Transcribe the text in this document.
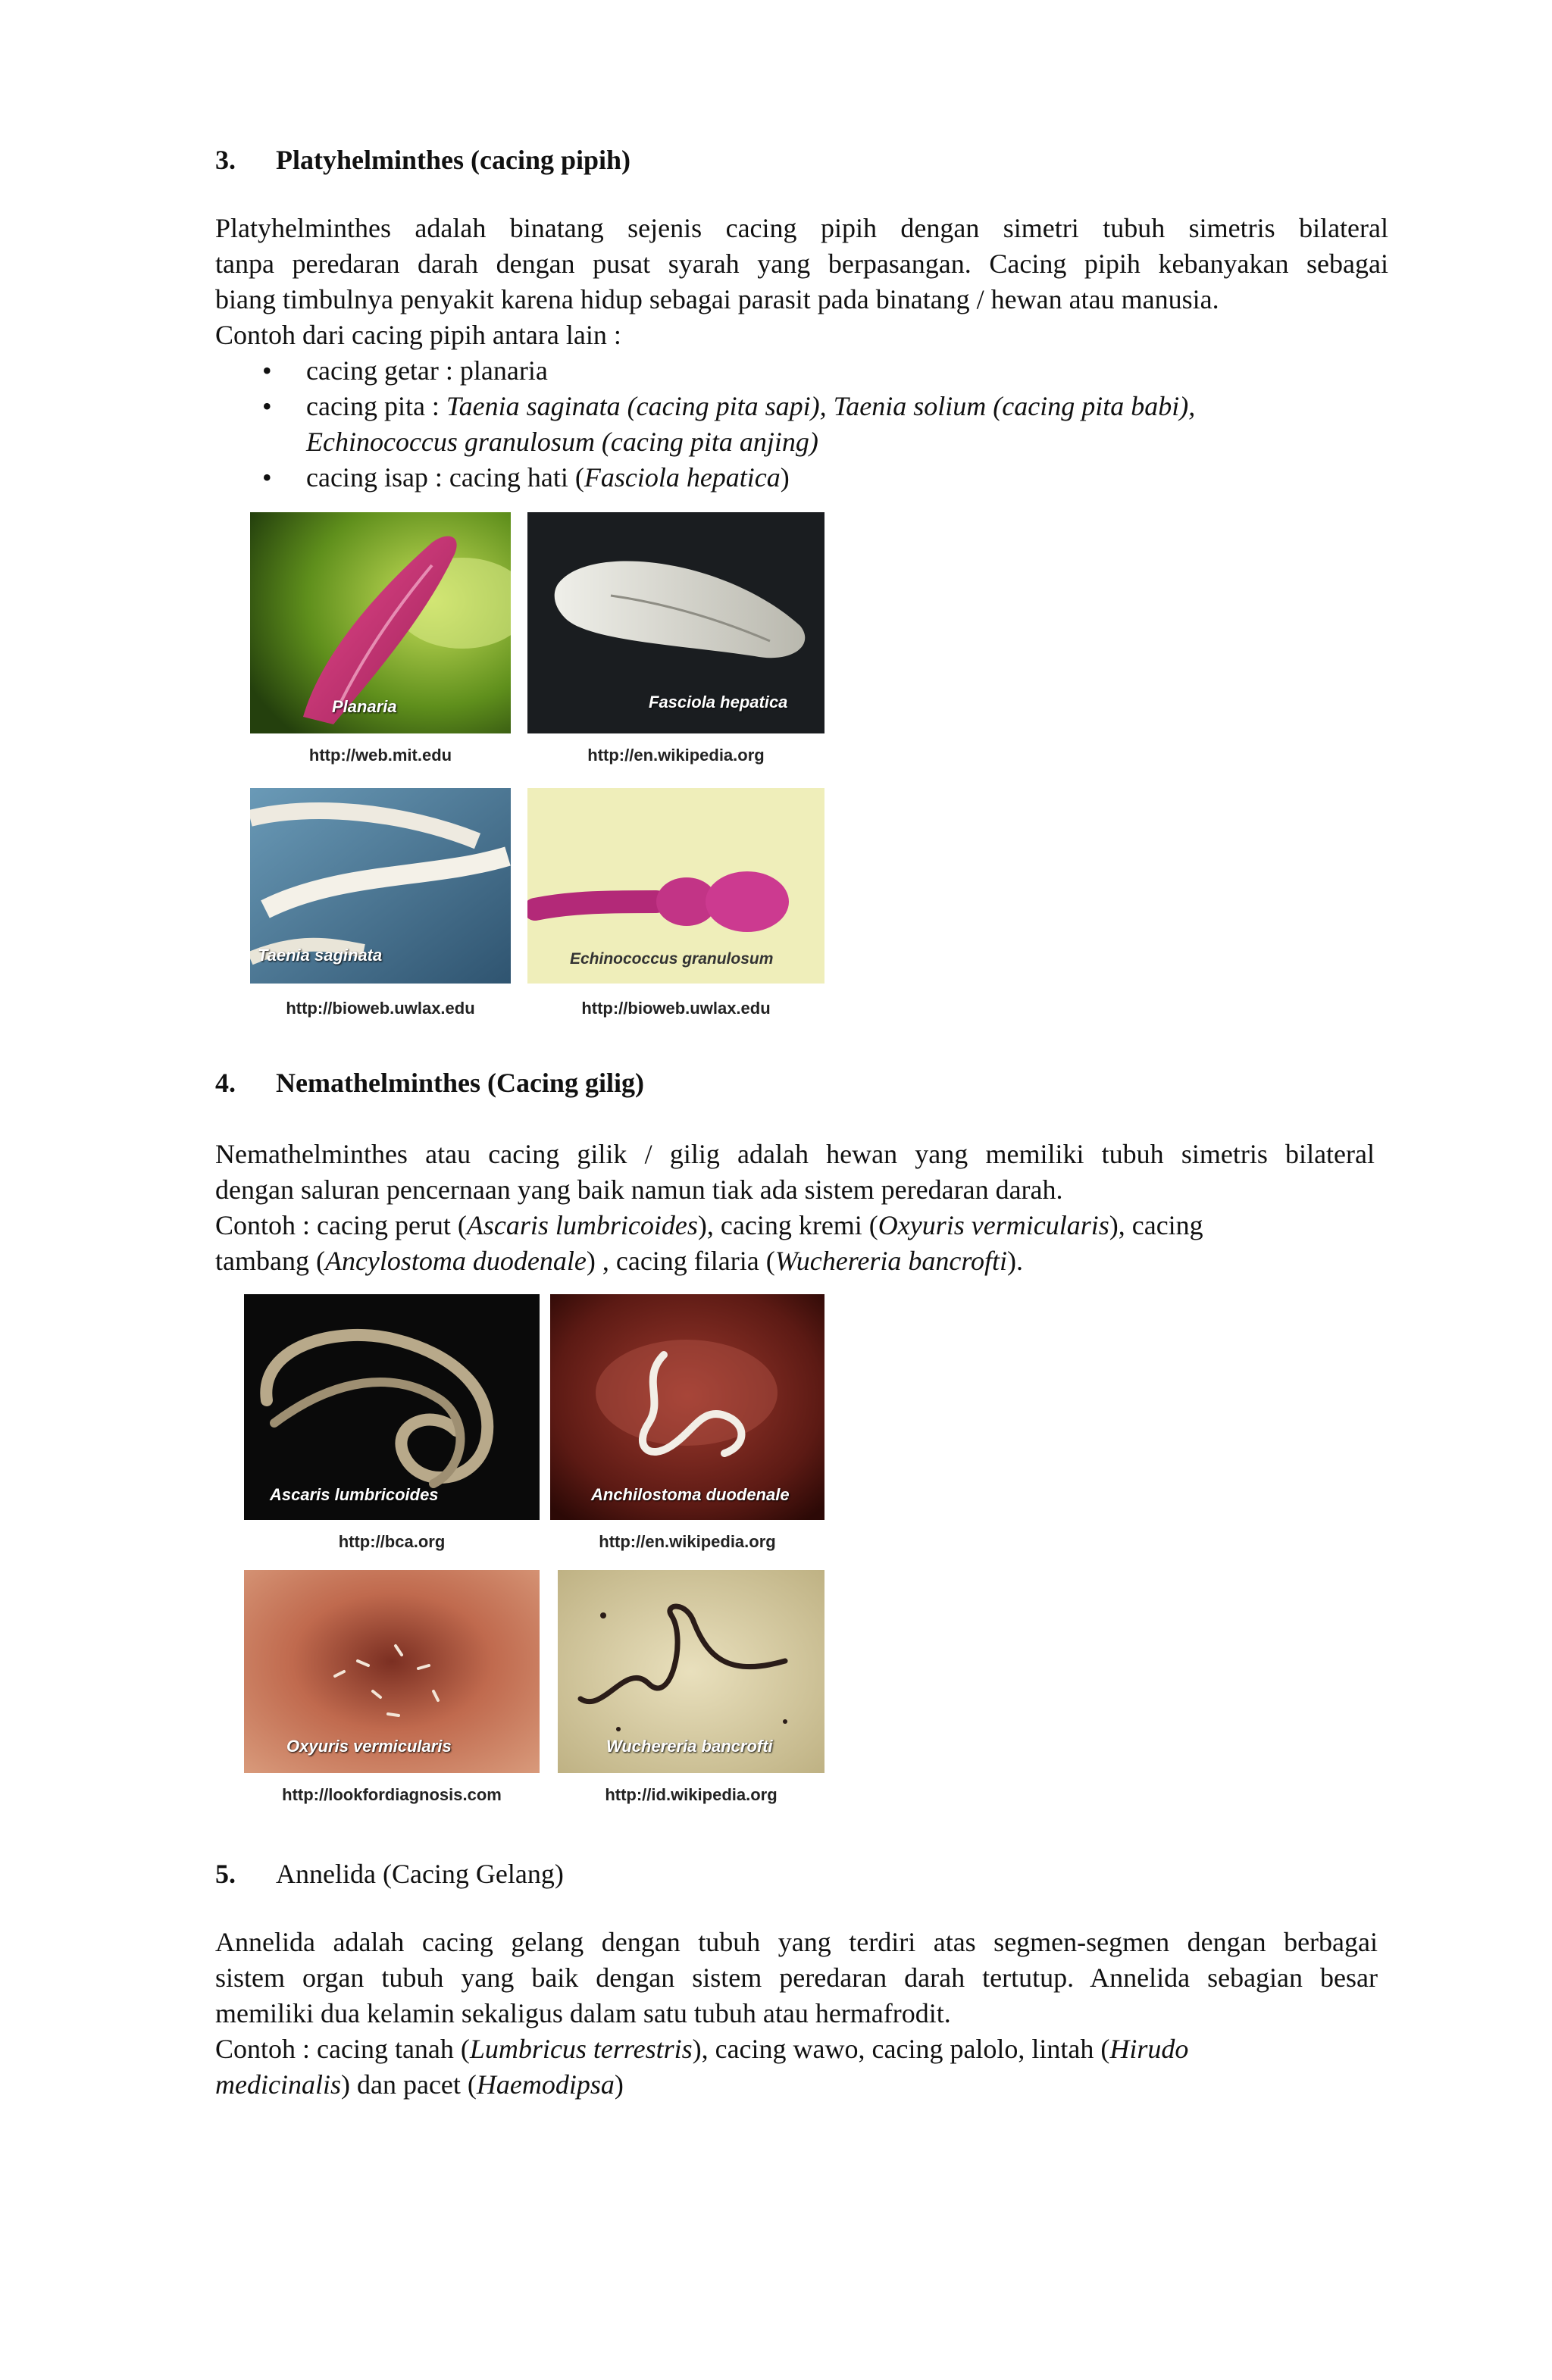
3. Platyhelminthes (cacing pipih)

Platyhelminthes adalah binatang sejenis cacing pipih dengan simetri tubuh simetris bilateral

tanpa peredaran darah dengan pusat syarah yang berpasangan. Cacing pipih kebanyakan sebagai

biang timbulnya penyakit karena hidup sebagai parasit pada binatang / hewan atau manusia.

Contoh dari cacing pipih antara lain :

• cacing getar : planaria
• cacing pita : Taenia saginata (cacing pita sapi), Taenia solium (cacing pita babi),
Echinococcus granulosum (cacing pita anjing)
• cacing isap : cacing hati (Fasciola hepatica)
Planaria
http://web.mit.edu
Fasciola hepatica
http://en.wikipedia.org
Taenia saginata
http://bioweb.uwlax.edu
Echinococcus granulosum
http://bioweb.uwlax.edu
4. Nemathelminthes (Cacing gilig)

Nemathelminthes atau cacing gilik / gilig adalah hewan yang memiliki tubuh simetris bilateral

dengan saluran pencernaan yang baik namun tiak ada sistem peredaran darah.

Contoh : cacing perut (Ascaris lumbricoides), cacing kremi (Oxyuris vermicularis), cacing

tambang (Ancylostoma duodenale) , cacing filaria (Wuchereria bancrofti).

Ascaris lumbricoides
http://bca.org
Anchilostoma duodenale
http://en.wikipedia.org
Oxyuris vermicularis
http://lookfordiagnosis.com
Wuchereria bancrofti
http://id.wikipedia.org
5. Annelida (Cacing Gelang)

Annelida adalah cacing gelang dengan tubuh yang terdiri atas segmen-segmen dengan berbagai

sistem organ tubuh yang baik dengan sistem peredaran darah tertutup. Annelida sebagian besar

memiliki dua kelamin sekaligus dalam satu tubuh atau hermafrodit.

Contoh : cacing tanah (Lumbricus terrestris), cacing wawo, cacing palolo, lintah (Hirudo

medicinalis) dan pacet (Haemodipsa)
